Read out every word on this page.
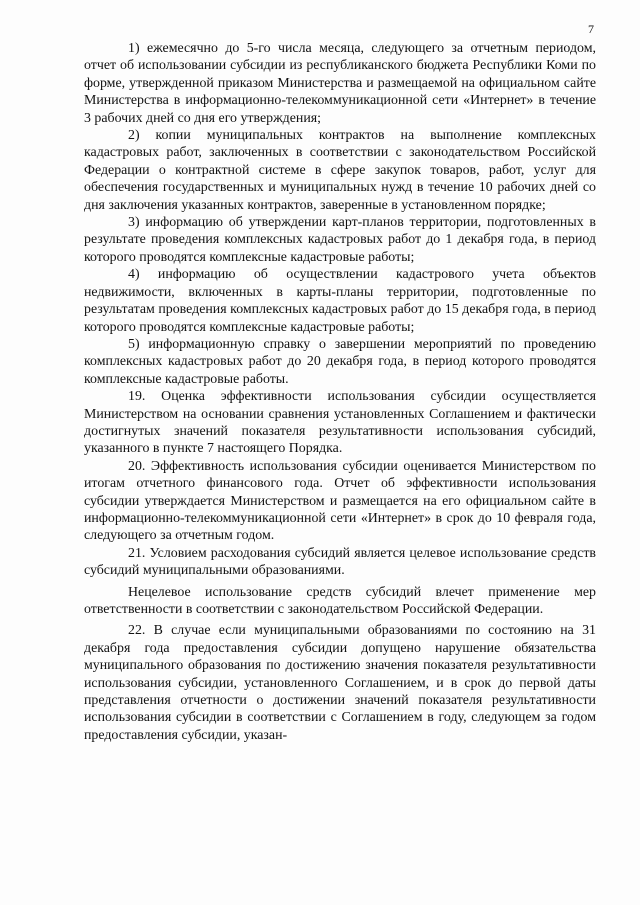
7

1) ежемесячно до 5-го числа месяца, следующего за отчетным периодом, отчет об использовании субсидии из республиканского бюджета Республики Коми по форме, утвержденной приказом Министерства и размещаемой на официальном сайте Министерства в информационно-телекоммуникационной сети «Интернет» в течение 3 рабочих дней со дня его утверждения;

2) копии муниципальных контрактов на выполнение комплексных кадастровых работ, заключенных в соответствии с законодательством Российской Федерации о контрактной системе в сфере закупок товаров, работ, услуг для обеспечения государственных и муниципальных нужд в течение 10 рабочих дней со дня заключения указанных контрактов, заверенные в установленном порядке;

3) информацию об утверждении карт-планов территории, подготовленных в результате проведения комплексных кадастровых работ до 1 декабря года, в период которого проводятся комплексные кадастровые работы;

4) информацию об осуществлении кадастрового учета объектов недвижимости, включенных в карты-планы территории, подготовленные по результатам проведения комплексных кадастровых работ до 15 декабря года, в период которого проводятся комплексные кадастровые работы;

5) информационную справку о завершении мероприятий по проведению комплексных кадастровых работ до 20 декабря года, в период которого проводятся комплексные кадастровые работы.

19. Оценка эффективности использования субсидии осуществляется Министерством на основании сравнения установленных Соглашением и фактически достигнутых значений показателя результативности использования субсидий, указанного в пункте 7 настоящего Порядка.

20. Эффективность использования субсидии оценивается Министерством по итогам отчетного финансового года. Отчет об эффективности использования субсидии утверждается Министерством и размещается на его официальном сайте в информационно-телекоммуникационной сети «Интернет» в срок до 10 февраля года, следующего за отчетным годом.

21. Условием расходования субсидий является целевое использование средств субсидий муниципальными образованиями.

Нецелевое использование средств субсидий влечет применение мер ответственности в соответствии с законодательством Российской Федерации.

22. В случае если муниципальными образованиями по состоянию на 31 декабря года предоставления субсидии допущено нарушение обязательства муниципального образования по достижению значения показателя результативности использования субсидии, установленного Соглашением, и в срок до первой даты представления отчетности о достижении значений показателя результативности использования субсидии в соответствии с Соглашением в году, следующем за годом предоставления субсидии, указан-
